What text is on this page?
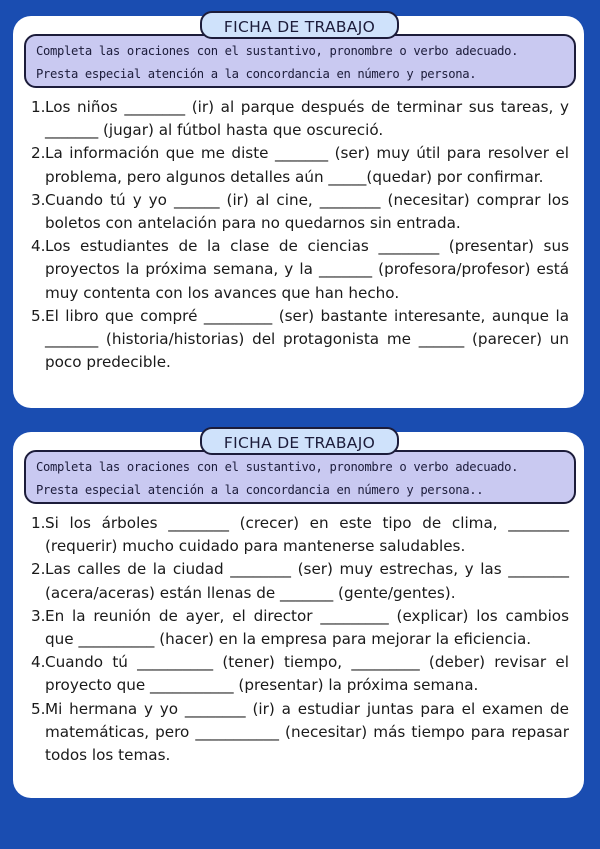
FICHA DE TRABAJO
Completa las oraciones con el sustantivo, pronombre o verbo adecuado.
Presta especial atención a la concordancia en número y persona.
1. Los niños ________ (ir) al parque después de terminar sus tareas, y _______ (jugar) al fútbol hasta que oscureció.
2. La información que me diste _______ (ser) muy útil para resolver el problema, pero algunos detalles aún _____(quedar) por confirmar.
3. Cuando tú y yo ______ (ir) al cine, ________ (necesitar) comprar los boletos con antelación para no quedarnos sin entrada.
4. Los estudiantes de la clase de ciencias ________ (presentar) sus proyectos la próxima semana, y la _______ (profesora/profesor) está muy contenta con los avances que han hecho.
5. El libro que compré _________ (ser) bastante interesante, aunque la _______ (historia/historias) del protagonista me ______ (parecer) un poco predecible.
FICHA DE TRABAJO
Completa las oraciones con el sustantivo, pronombre o verbo adecuado.
Presta especial atención a la concordancia en número y persona..
1. Si los árboles ________ (crecer) en este tipo de clima, ________ (requerir) mucho cuidado para mantenerse saludables.
2. Las calles de la ciudad ________ (ser) muy estrechas, y las ________ (acera/aceras) están llenas de _______ (gente/gentes).
3. En la reunión de ayer, el director _________ (explicar) los cambios que __________ (hacer) en la empresa para mejorar la eficiencia.
4. Cuando tú __________ (tener) tiempo, _________ (deber) revisar el proyecto que ___________ (presentar) la próxima semana.
5. Mi hermana y yo ________ (ir) a estudiar juntas para el examen de matemáticas, pero ___________ (necesitar) más tiempo para repasar todos los temas.
